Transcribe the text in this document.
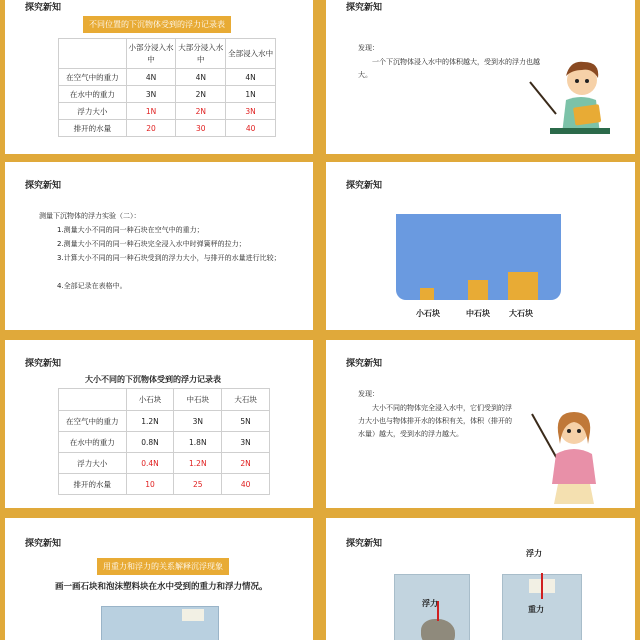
探究新知
不同位置的下沉物体受到的浮力记录表
	小部分浸入水中	大部分浸入水中	全部浸入水中
在空气中的重力	4N	4N	4N
在水中的重力	3N	2N	1N
浮力大小	1N	2N	3N
排开的水量	20	30	40
探究新知
发现：
一个下沉物体浸入水中的体积越大，受到水的浮力也越大。
探究新知
测量下沉物体的浮力实验（二）：
1.测量大小不同的同一种石块在空气中的重力；
2.测量大小不同的同一种石块完全浸入水中时弹簧秤的拉力；
3.计算大小不同的同一种石块受到的浮力大小，与排开的水量进行比较；
4.全部记录在表格中。
探究新知
小石块	中石块 大石块
探究新知
大小不同的下沉物体受到的浮力记录表
	小石块	中石块	大石块
在空气中的重力	1.2N	3N	5N
在水中的重力	0.8N	1.8N	3N
浮力大小	0.4N	1.2N	2N
排开的水量	10	25	40
探究新知
发现：
大小不同的物体完全浸入水中，它们受到的浮力大小也与物体排开水的体积有关，体积（排开的水量）越大，受到水的浮力越大。
探究新知
用重力和浮力的关系解释沉浮现象
画一画石块和泡沫塑料块在水中受到的重力和浮力情况。
探究新知
浮力
浮力
重力
